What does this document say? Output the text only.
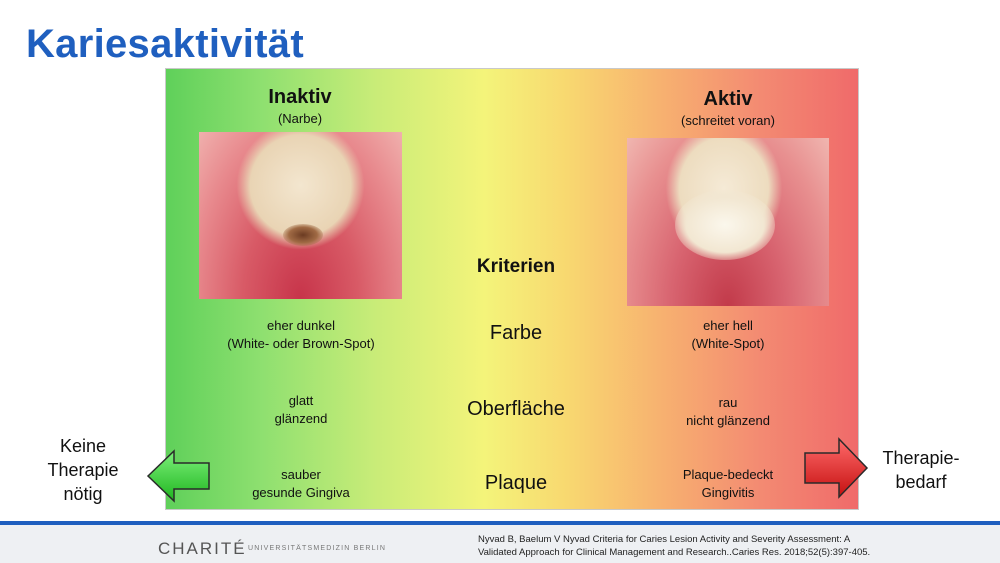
Kariesaktivität
Inaktiv
(Narbe)
Aktiv
(schreitet voran)
Kriterien
Farbe
Oberfläche
Plaque
eher dunkel
(White- oder Brown-Spot)
glatt
glänzend
sauber
gesunde Gingiva
eher hell
(White-Spot)
rau
nicht glänzend
Plaque-bedeckt
Gingivitis
Keine
Therapie
nötig
Therapie-
bedarf
CHARITÉ UNIVERSITÄTSMEDIZIN BERLIN
Nyvad B, Baelum V Nyvad Criteria for Caries Lesion Activity and Severity Assessment: A
Validated Approach for Clinical Management and Research..Caries Res. 2018;52(5):397-405.
